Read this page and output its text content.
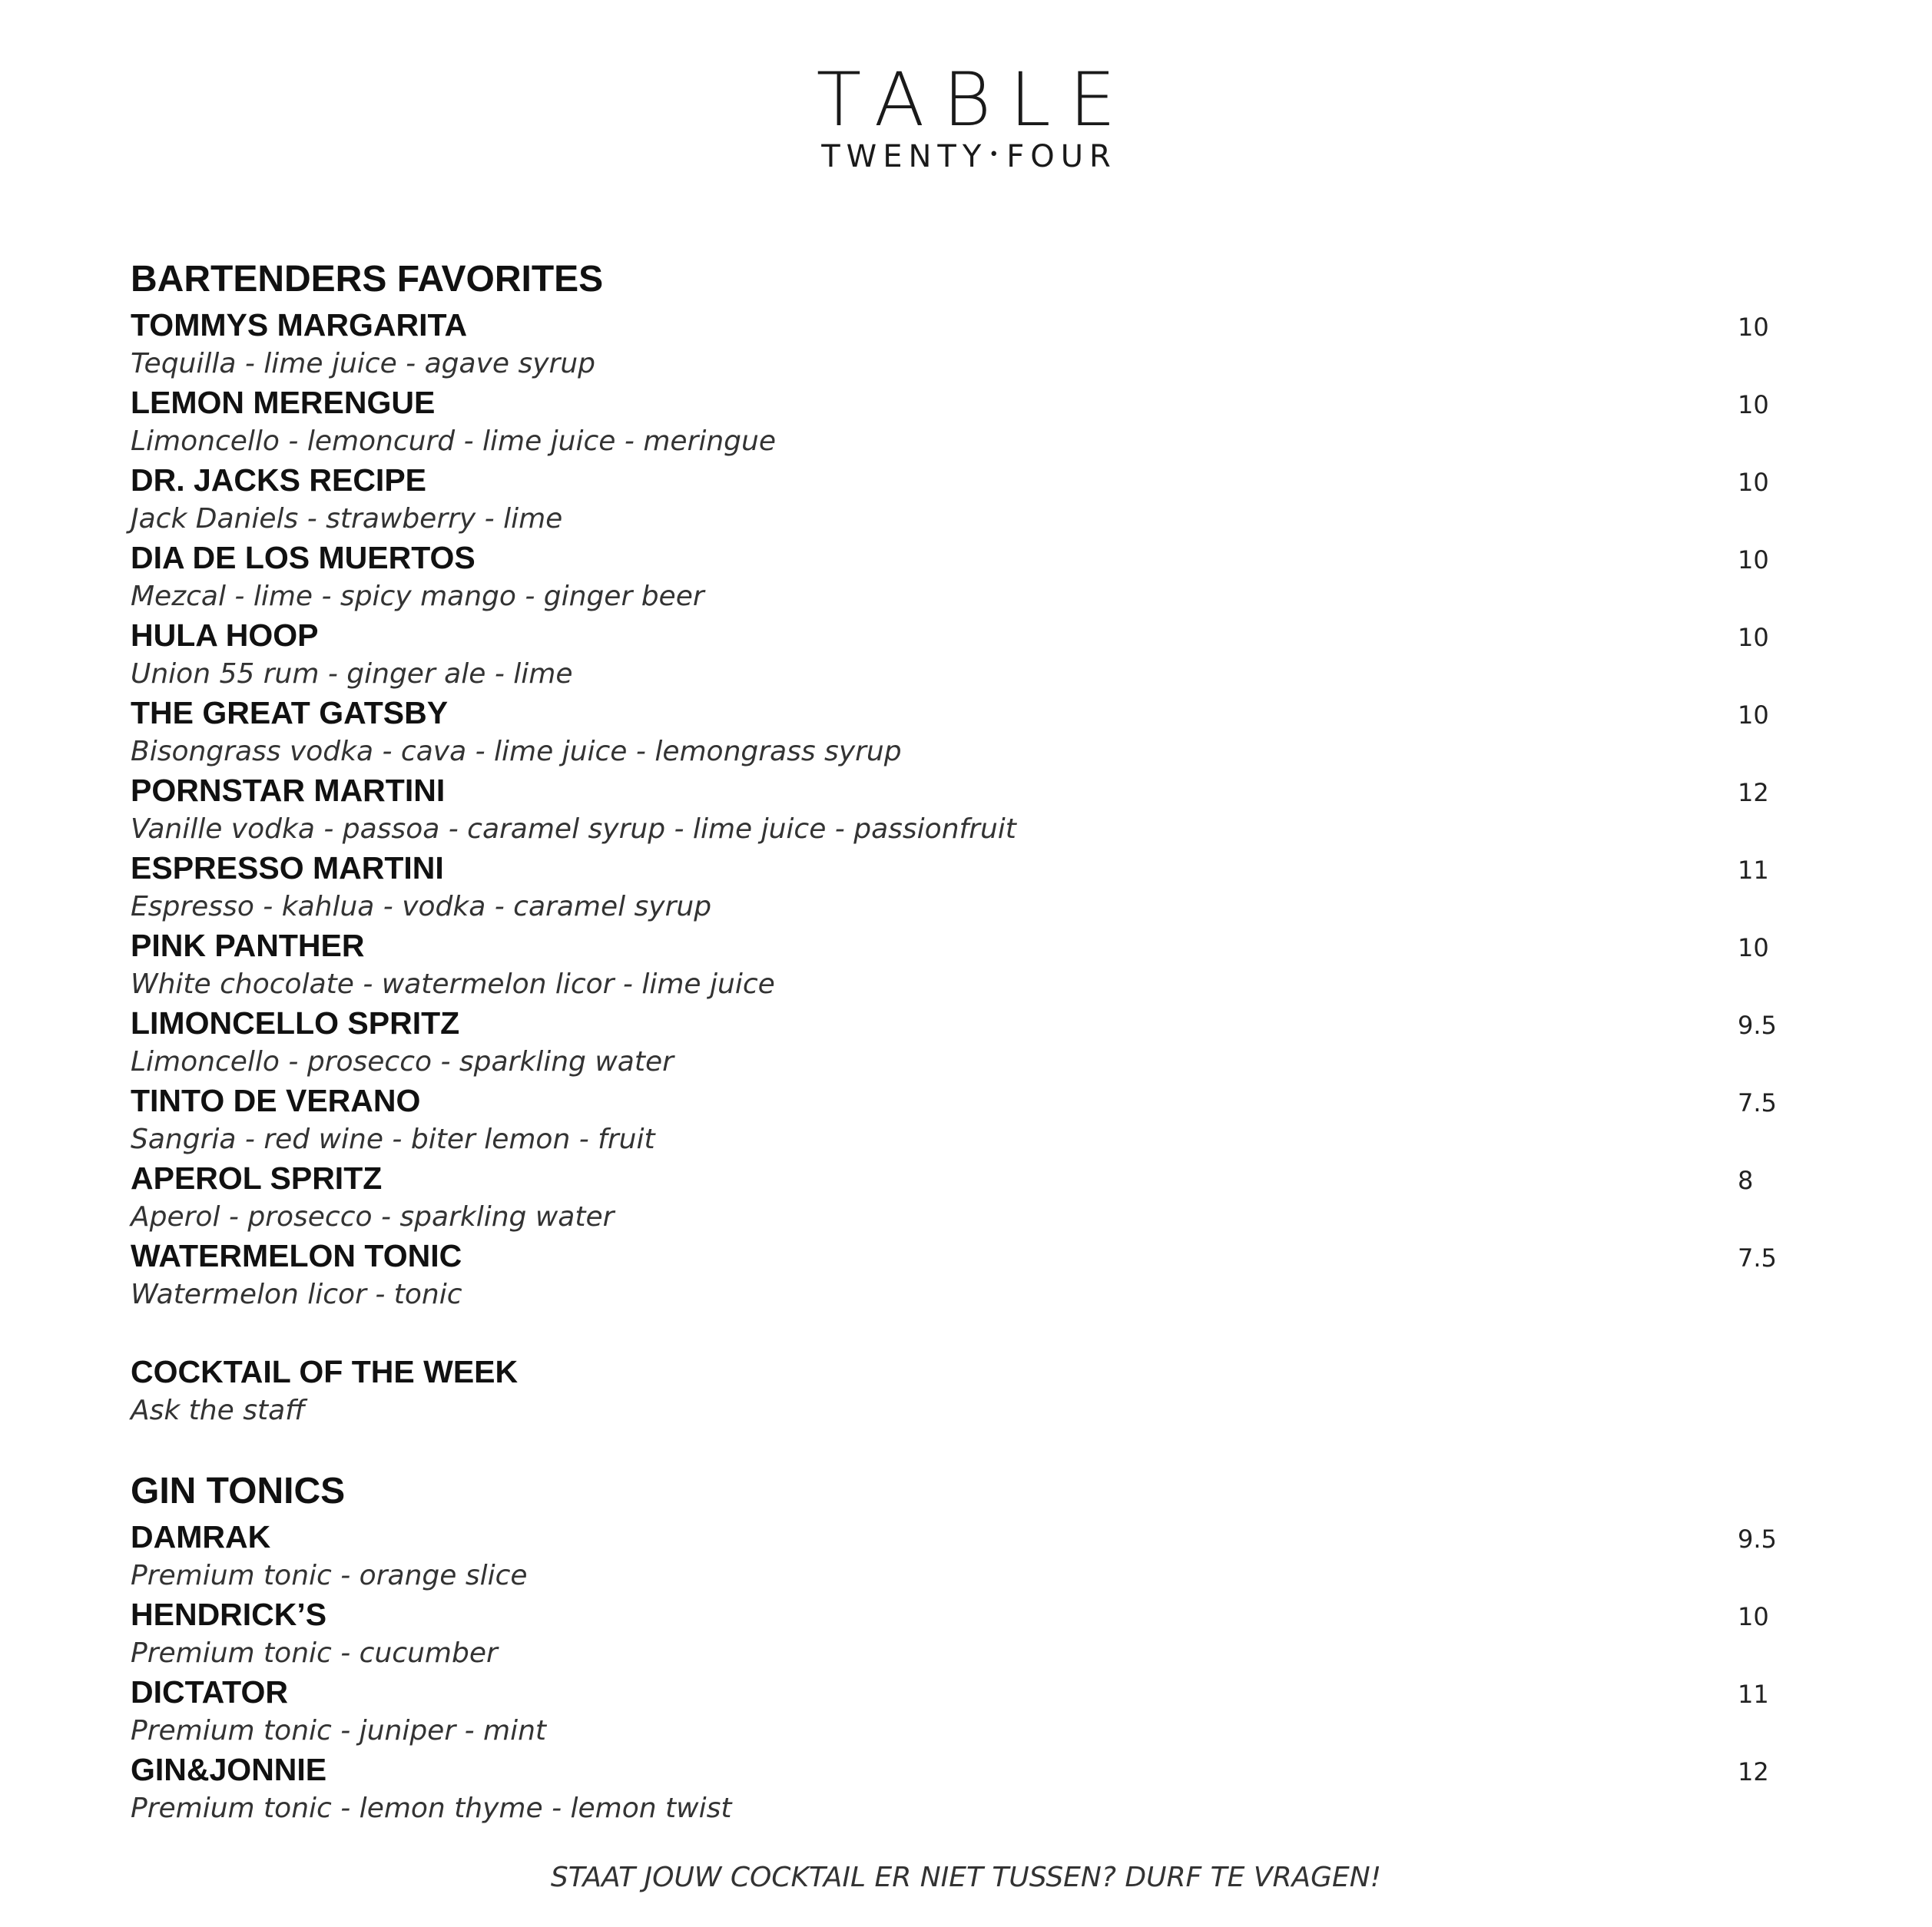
TABLE
TWENTY•FOUR
BARTENDERS FAVORITES
TOMMYS MARGARITA
Tequilla - lime juice - agave syrup
10
LEMON MERENGUE
Limoncello - lemoncurd - lime juice - meringue
10
DR. JACKS RECIPE
Jack Daniels - strawberry - lime
10
DIA DE LOS MUERTOS
Mezcal - lime - spicy mango - ginger beer
10
HULA HOOP
Union 55 rum - ginger ale - lime
10
THE GREAT GATSBY
Bisongrass vodka - cava - lime juice - lemongrass syrup
10
PORNSTAR MARTINI
Vanille vodka - passoa - caramel syrup - lime juice - passionfruit
12
ESPRESSO MARTINI
Espresso - kahlua - vodka - caramel syrup
11
PINK PANTHER
White chocolate - watermelon licor - lime juice
10
LIMONCELLO SPRITZ
Limoncello - prosecco - sparkling water
9.5
TINTO DE VERANO
Sangria - red wine - biter lemon - fruit
7.5
APEROL SPRITZ
Aperol - prosecco - sparkling water
8
WATERMELON TONIC
Watermelon licor - tonic
7.5
COCKTAIL OF THE WEEK
Ask the staff
GIN TONICS
DAMRAK
Premium tonic - orange slice
9.5
HENDRICK’S
Premium tonic - cucumber
10
DICTATOR
Premium tonic - juniper - mint
11
GIN&JONNIE
Premium tonic - lemon thyme - lemon twist
12
STAAT JOUW COCKTAIL ER NIET TUSSEN? DURF TE VRAGEN!
